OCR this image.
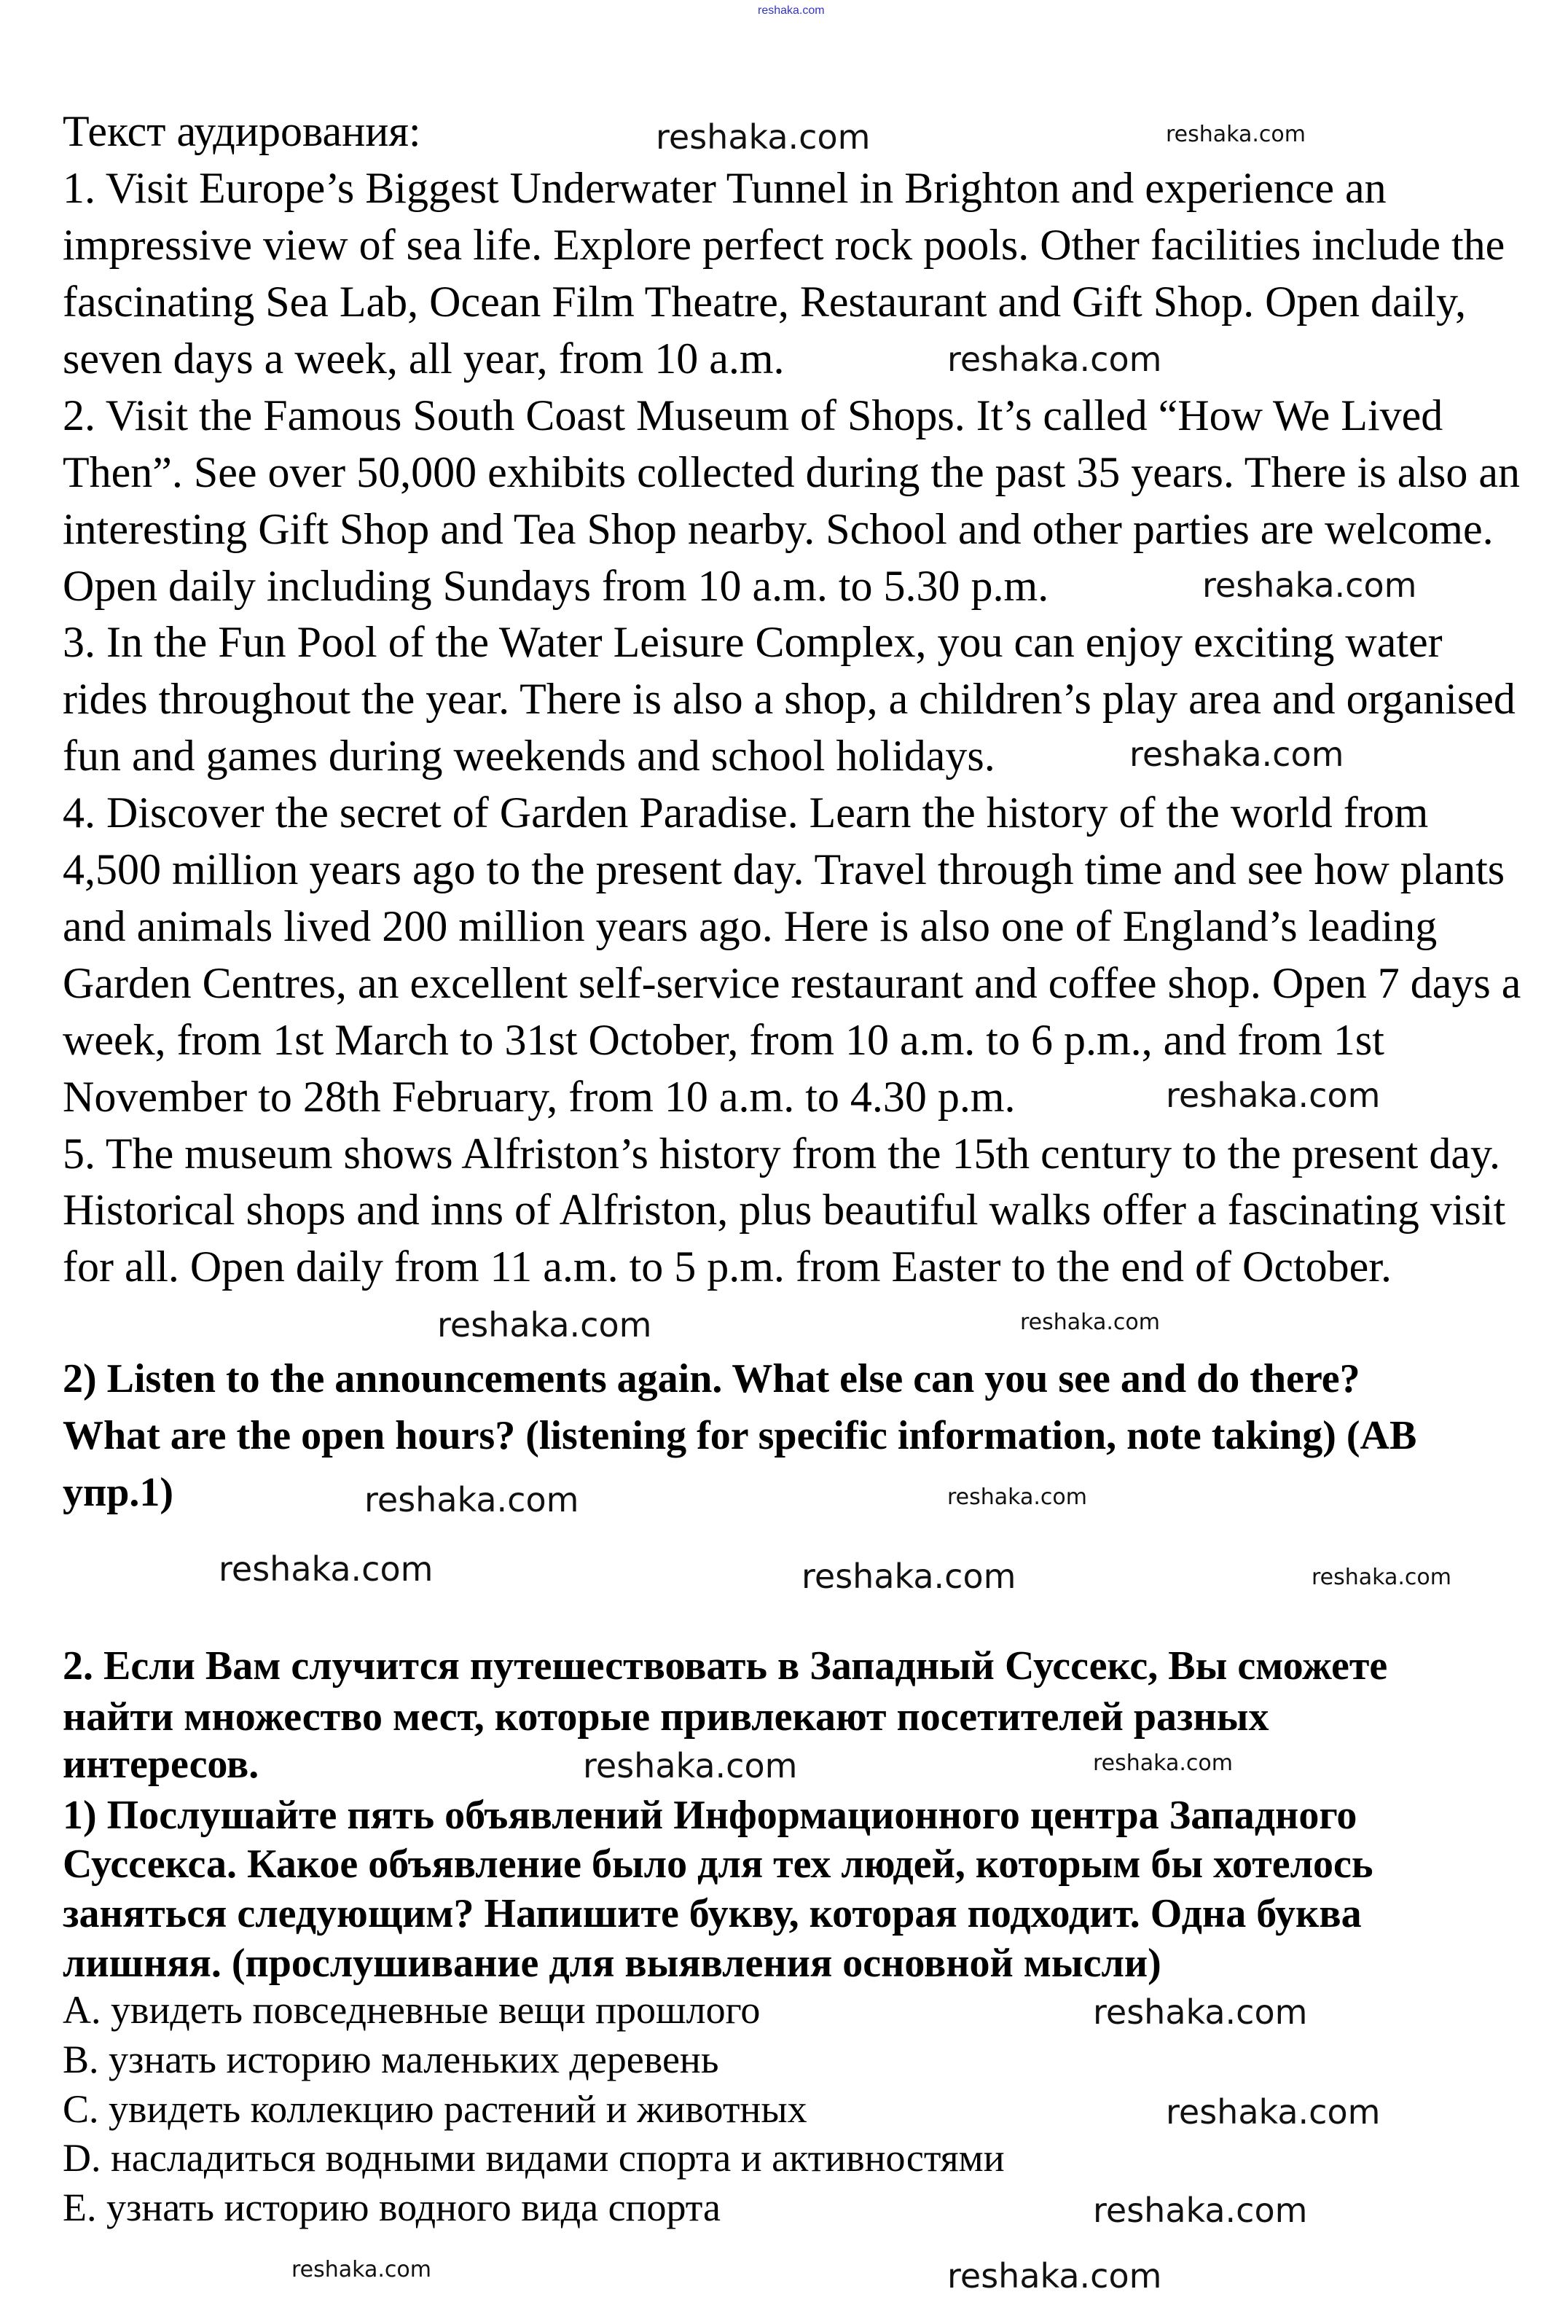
reshaka.com
Текст аудирования:
1. Visit Europe’s Biggest Underwater Tunnel in Brighton and experience an
impressive view of sea life. Explore perfect rock pools. Other facilities include the
fascinating Sea Lab, Ocean Film Theatre, Restaurant and Gift Shop. Open daily,
seven days a week, all year, from 10 a.m.
2. Visit the Famous South Coast Museum of Shops. It’s called “How We Lived
Then”. See over 50,000 exhibits collected during the past 35 years. There is also an
interesting Gift Shop and Tea Shop nearby. School and other parties are welcome.
Open daily including Sundays from 10 a.m. to 5.30 p.m.
3. In the Fun Pool of the Water Leisure Complex, you can enjoy exciting water
rides throughout the year. There is also a shop, a children’s play area and organised
fun and games during weekends and school holidays.
4. Discover the secret of Garden Paradise. Learn the history of the world from
4,500 million years ago to the present day. Travel through time and see how plants
and animals lived 200 million years ago. Here is also one of England’s leading
Garden Centres, an excellent self-service restaurant and coffee shop. Open 7 days a
week, from 1st March to 31st October, from 10 a.m. to 6 p.m., and from 1st
November to 28th February, from 10 a.m. to 4.30 p.m.
5. The museum shows Alfriston’s history from the 15th century to the present day.
Historical shops and inns of Alfriston, plus beautiful walks offer a fascinating visit
for all. Open daily from 11 a.m. to 5 p.m. from Easter to the end of October.
2) Listen to the announcements again. What else can you see and do there?
What are the open hours? (listening for specific information, note taking) (AB
упр.1)
2. Если Вам случится путешествовать в Западный Суссекс, Вы сможете
найти множество мест, которые привлекают посетителей разных
интересов.
1) Послушайте пять объявлений Информационного центра Западного
Суссекса. Какое объявление было для тех людей, которым бы хотелось
заняться следующим? Напишите букву, которая подходит. Одна буква
лишняя. (прослушивание для выявления основной мысли)
A. увидеть повседневные вещи прошлого
B. узнать историю маленьких деревень
C. увидеть коллекцию растений и животных
D. насладиться водными видами спорта и активностями
E. узнать историю водного вида спорта
reshaka.com	reshaka.com
reshaka.com
reshaka.com
reshaka.com
reshaka.com
reshaka.com	reshaka.com
reshaka.com	reshaka.com
reshaka.com	reshaka.com	reshaka.com
reshaka.com	reshaka.com
reshaka.com
reshaka.com
reshaka.com
reshaka.com	reshaka.com
